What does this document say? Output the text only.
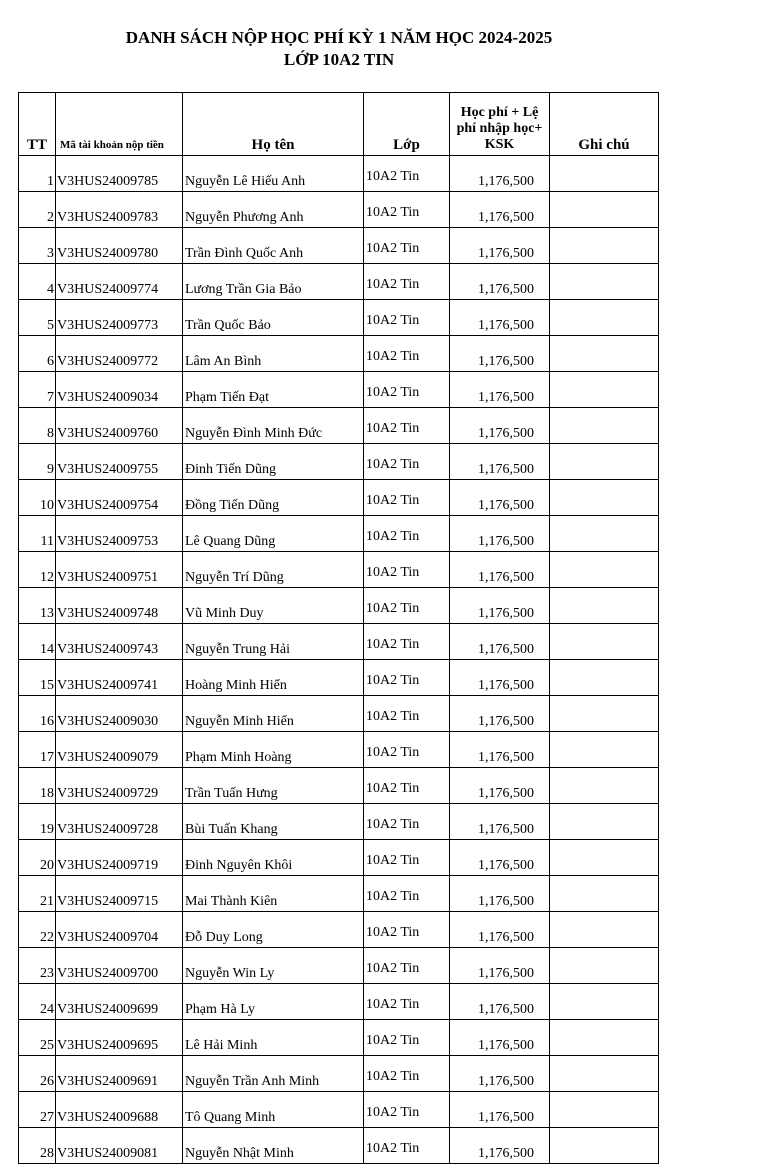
DANH SÁCH NỘP HỌC PHÍ KỲ 1 NĂM HỌC 2024-2025
LỚP 10A2 TIN
TT	Mã tài khoản nộp tiền	Họ tên	Lớp	Học phí + Lệ phí nhập học+ KSK	Ghi chú
1	V3HUS24009785	Nguyễn Lê Hiếu Anh	10A2 Tin	1,176,500	
2	V3HUS24009783	Nguyễn Phương Anh	10A2 Tin	1,176,500	
3	V3HUS24009780	Trần Đình Quốc Anh	10A2 Tin	1,176,500	
4	V3HUS24009774	Lương Trần Gia Bảo	10A2 Tin	1,176,500	
5	V3HUS24009773	Trần Quốc Bảo	10A2 Tin	1,176,500	
6	V3HUS24009772	Lâm An Bình	10A2 Tin	1,176,500	
7	V3HUS24009034	Phạm Tiến Đạt	10A2 Tin	1,176,500	
8	V3HUS24009760	Nguyễn Đình Minh Đức	10A2 Tin	1,176,500	
9	V3HUS24009755	Đinh Tiến Dũng	10A2 Tin	1,176,500	
10	V3HUS24009754	Đồng Tiến Dũng	10A2 Tin	1,176,500	
11	V3HUS24009753	Lê Quang Dũng	10A2 Tin	1,176,500	
12	V3HUS24009751	Nguyễn Trí Dũng	10A2 Tin	1,176,500	
13	V3HUS24009748	Vũ Minh Duy	10A2 Tin	1,176,500	
14	V3HUS24009743	Nguyễn Trung Hải	10A2 Tin	1,176,500	
15	V3HUS24009741	Hoàng Minh Hiển	10A2 Tin	1,176,500	
16	V3HUS24009030	Nguyễn Minh Hiển	10A2 Tin	1,176,500	
17	V3HUS24009079	Phạm Minh Hoàng	10A2 Tin	1,176,500	
18	V3HUS24009729	Trần Tuấn Hưng	10A2 Tin	1,176,500	
19	V3HUS24009728	Bùi Tuấn Khang	10A2 Tin	1,176,500	
20	V3HUS24009719	Đinh Nguyên Khôi	10A2 Tin	1,176,500	
21	V3HUS24009715	Mai Thành Kiên	10A2 Tin	1,176,500	
22	V3HUS24009704	Đỗ Duy Long	10A2 Tin	1,176,500	
23	V3HUS24009700	Nguyễn Win Ly	10A2 Tin	1,176,500	
24	V3HUS24009699	Phạm Hà Ly	10A2 Tin	1,176,500	
25	V3HUS24009695	Lê Hải Minh	10A2 Tin	1,176,500	
26	V3HUS24009691	Nguyễn Trần Anh Minh	10A2 Tin	1,176,500	
27	V3HUS24009688	Tô Quang Minh	10A2 Tin	1,176,500	
28	V3HUS24009081	Nguyễn Nhật Minh	10A2 Tin	1,176,500	
